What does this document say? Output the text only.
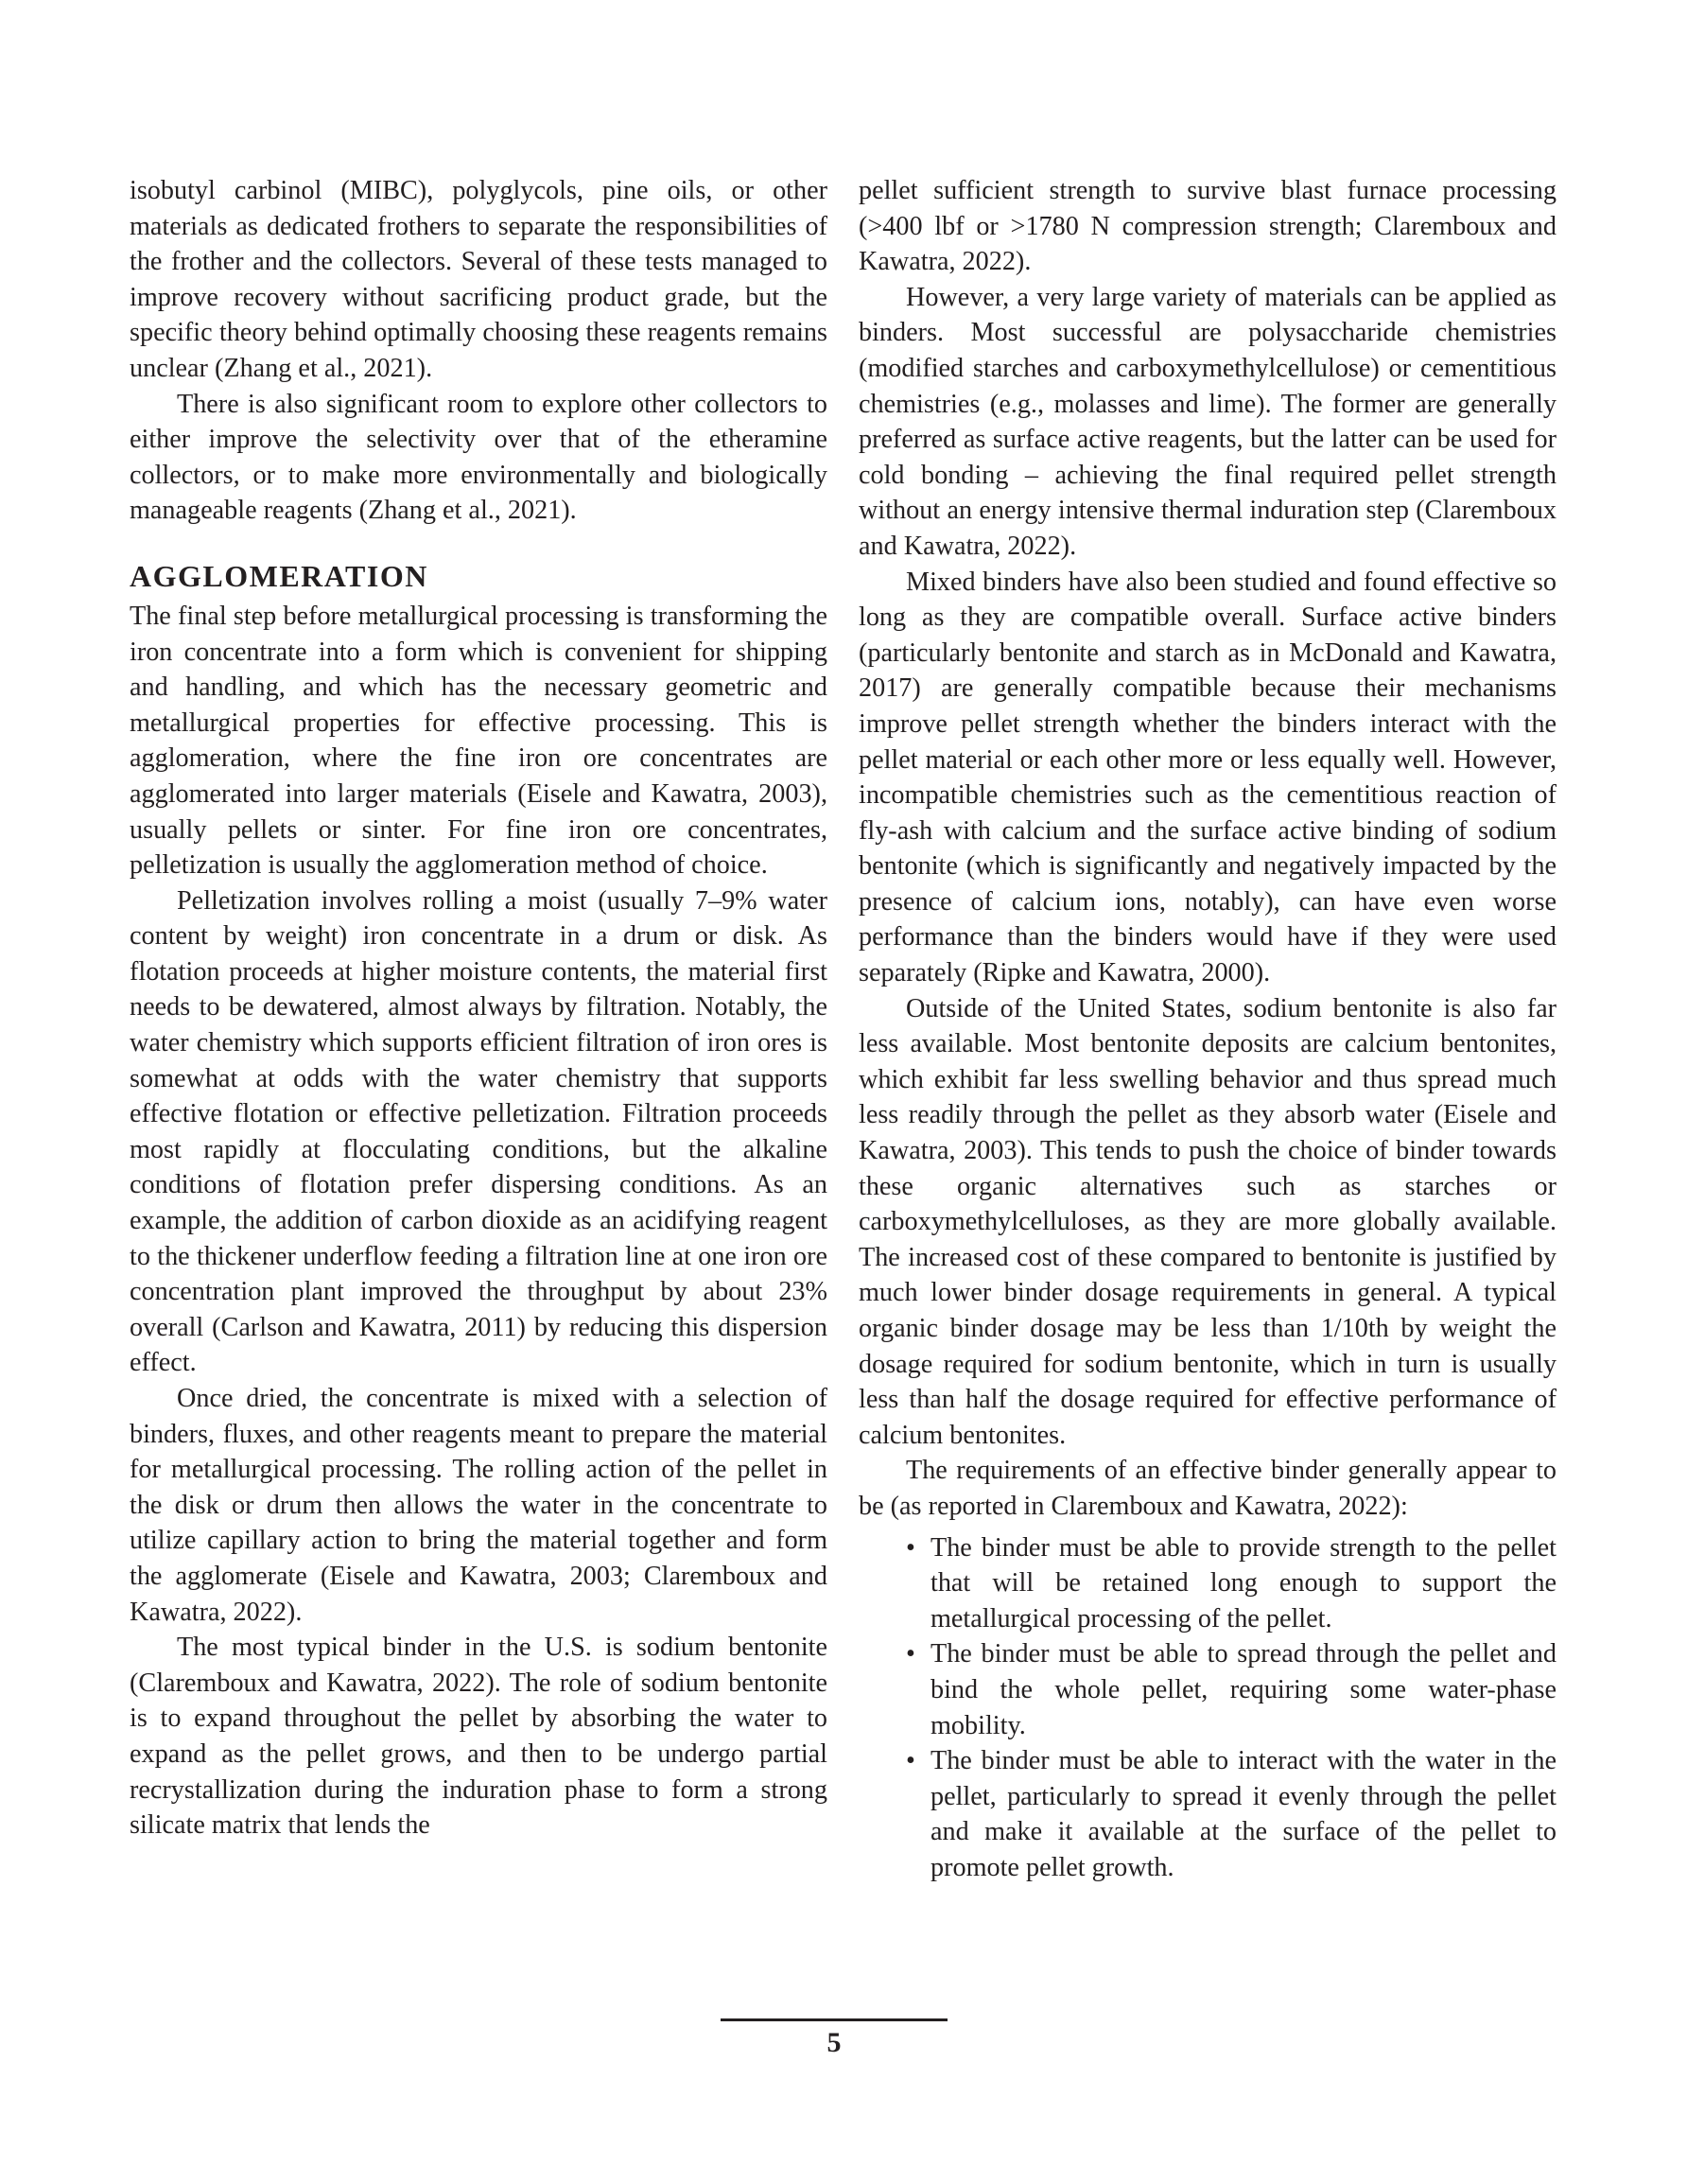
isobutyl carbinol (MIBC), polyglycols, pine oils, or other materials as dedicated frothers to separate the responsibilities of the frother and the collectors. Several of these tests managed to improve recovery without sacrificing product grade, but the specific theory behind optimally choosing these reagents remains unclear (Zhang et al., 2021).

There is also significant room to explore other collectors to either improve the selectivity over that of the etheramine collectors, or to make more environmentally and biologically manageable reagents (Zhang et al., 2021).

AGGLOMERATION

The final step before metallurgical processing is transforming the iron concentrate into a form which is convenient for shipping and handling, and which has the necessary geometric and metallurgical properties for effective processing. This is agglomeration, where the fine iron ore concentrates are agglomerated into larger materials (Eisele and Kawatra, 2003), usually pellets or sinter. For fine iron ore concentrates, pelletization is usually the agglomeration method of choice.

Pelletization involves rolling a moist (usually 7–9% water content by weight) iron concentrate in a drum or disk. As flotation proceeds at higher moisture contents, the material first needs to be dewatered, almost always by filtration. Notably, the water chemistry which supports efficient filtration of iron ores is somewhat at odds with the water chemistry that supports effective flotation or effective pelletization. Filtration proceeds most rapidly at flocculating conditions, but the alkaline conditions of flotation prefer dispersing conditions. As an example, the addition of carbon dioxide as an acidifying reagent to the thickener underflow feeding a filtration line at one iron ore concentration plant improved the throughput by about 23% overall (Carlson and Kawatra, 2011) by reducing this dispersion effect.

Once dried, the concentrate is mixed with a selection of binders, fluxes, and other reagents meant to prepare the material for metallurgical processing. The rolling action of the pellet in the disk or drum then allows the water in the concentrate to utilize capillary action to bring the material together and form the agglomerate (Eisele and Kawatra, 2003; Claremboux and Kawatra, 2022).

The most typical binder in the U.S. is sodium bentonite (Claremboux and Kawatra, 2022). The role of sodium bentonite is to expand throughout the pellet by absorbing the water to expand as the pellet grows, and then to be undergo partial recrystallization during the induration phase to form a strong silicate matrix that lends the

pellet sufficient strength to survive blast furnace processing (>400 lbf or >1780 N compression strength; Claremboux and Kawatra, 2022).

However, a very large variety of materials can be applied as binders. Most successful are polysaccharide chemistries (modified starches and carboxymethylcellulose) or cementitious chemistries (e.g., molasses and lime). The former are generally preferred as surface active reagents, but the latter can be used for cold bonding – achieving the final required pellet strength without an energy intensive thermal induration step (Claremboux and Kawatra, 2022).

Mixed binders have also been studied and found effective so long as they are compatible overall. Surface active binders (particularly bentonite and starch as in McDonald and Kawatra, 2017) are generally compatible because their mechanisms improve pellet strength whether the binders interact with the pellet material or each other more or less equally well. However, incompatible chemistries such as the cementitious reaction of fly-ash with calcium and the surface active binding of sodium bentonite (which is significantly and negatively impacted by the presence of calcium ions, notably), can have even worse performance than the binders would have if they were used separately (Ripke and Kawatra, 2000).

Outside of the United States, sodium bentonite is also far less available. Most bentonite deposits are calcium bentonites, which exhibit far less swelling behavior and thus spread much less readily through the pellet as they absorb water (Eisele and Kawatra, 2003). This tends to push the choice of binder towards these organic alternatives such as starches or carboxymethylcelluloses, as they are more globally available. The increased cost of these compared to bentonite is justified by much lower binder dosage requirements in general. A typical organic binder dosage may be less than 1/10th by weight the dosage required for sodium bentonite, which in turn is usually less than half the dosage required for effective performance of calcium bentonites.

The requirements of an effective binder generally appear to be (as reported in Claremboux and Kawatra, 2022):

• The binder must be able to provide strength to the pellet that will be retained long enough to support the metallurgical processing of the pellet.
• The binder must be able to spread through the pellet and bind the whole pellet, requiring some water-phase mobility.
• The binder must be able to interact with the water in the pellet, particularly to spread it evenly through the pellet and make it available at the surface of the pellet to promote pellet growth.
5
